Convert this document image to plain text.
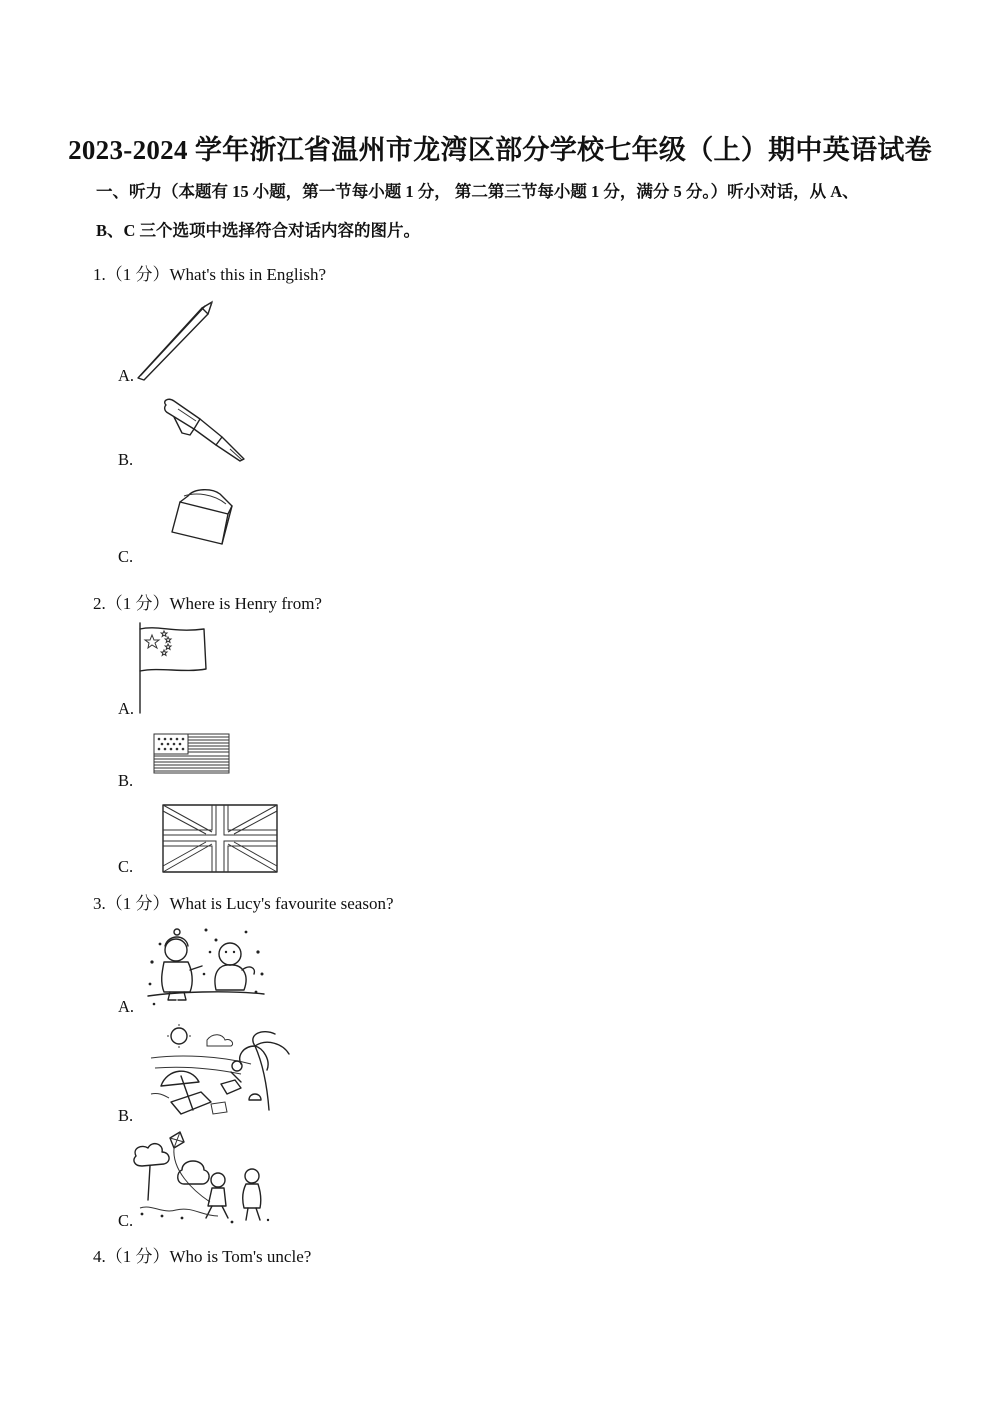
2023-2024 学年浙江省温州市龙湾区部分学校七年级（上）期中英语试卷
一、听力（本题有 15 小题，第一节每小题 1 分， 第二第三节每小题 1 分，满分 5 分。）听小对话，从 A、
B、C 三个选项中选择符合对话内容的图片。
1.（1 分）What's this in English?
A.
B.
C.
2.（1 分）Where is Henry from?
A.
B.
C.
3.（1 分）What is Lucy's favourite season?
A.
B.
C.
4.（1 分）Who is Tom's uncle?
